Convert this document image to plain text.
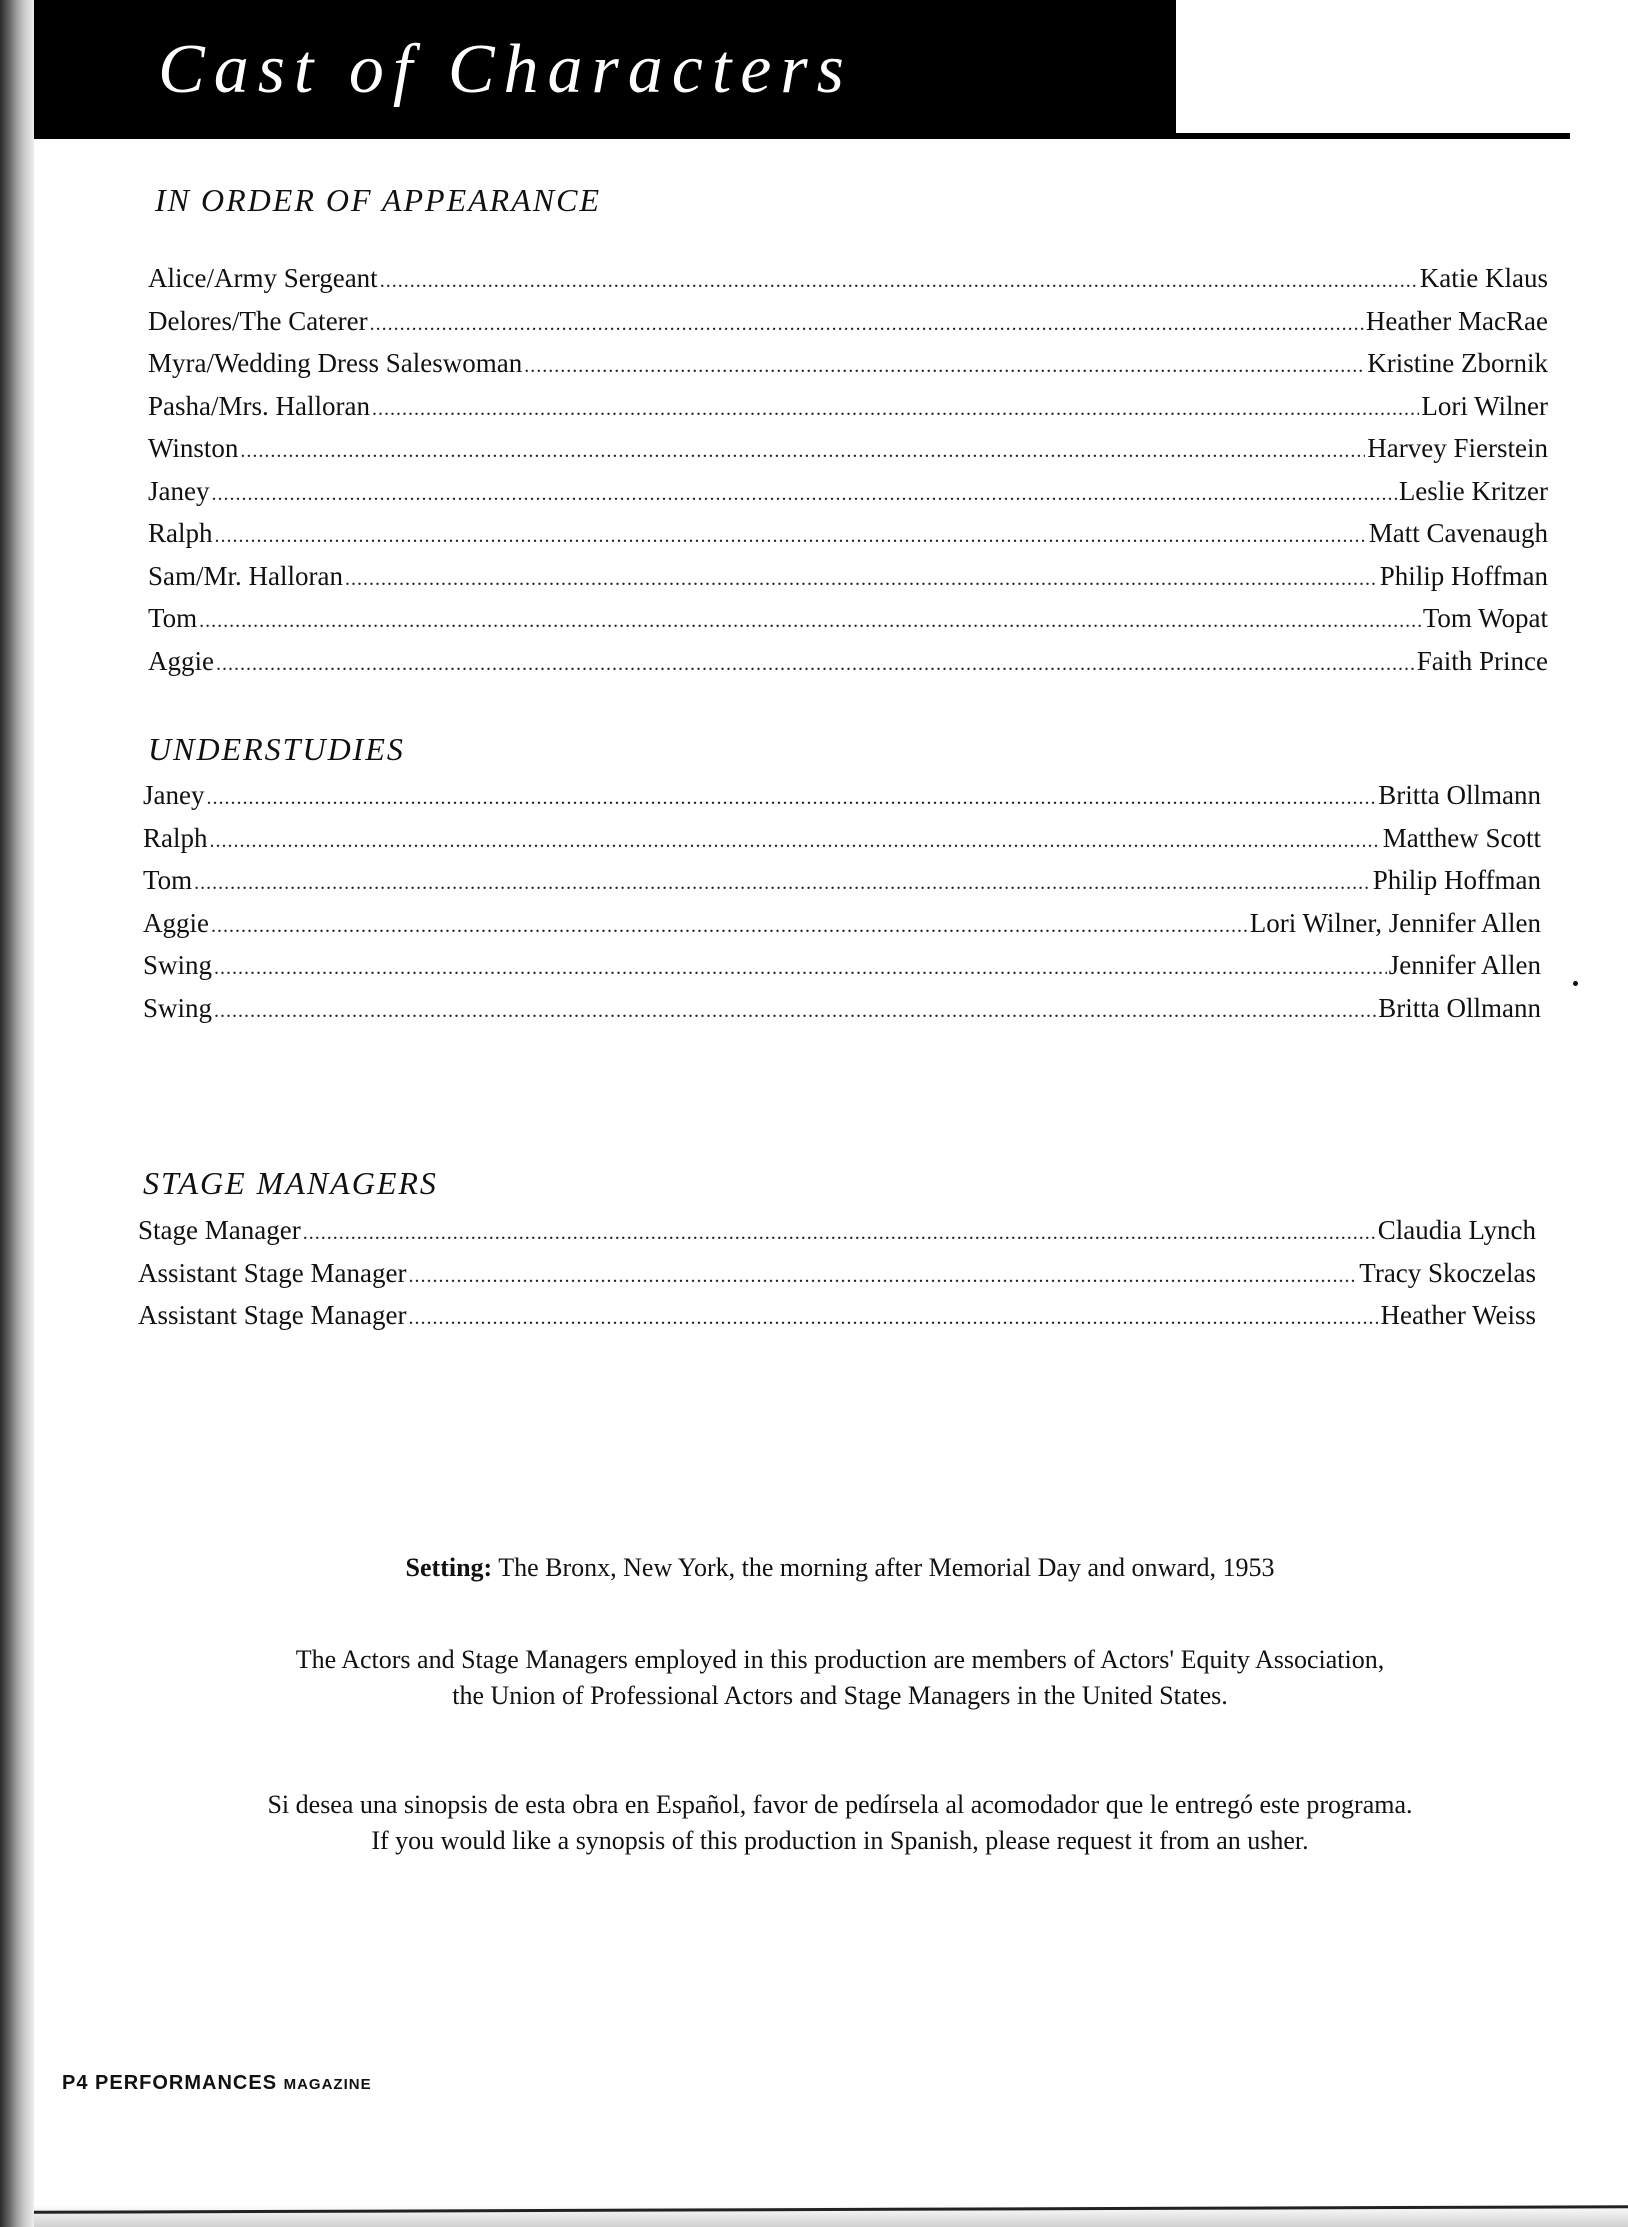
Cast of Characters
IN ORDER OF APPEARANCE
Alice/Army Sergeant .....	Katie Klaus
Delores/The Caterer .....	Heather MacRae
Myra/Wedding Dress Saleswoman .....	Kristine Zbornik
Pasha/Mrs. Halloran .....	Lori Wilner
Winston .....	Harvey Fierstein
Janey .....	Leslie Kritzer
Ralph .....	Matt Cavenaugh
Sam/Mr. Halloran .....	Philip Hoffman
Tom .....	Tom Wopat
Aggie .....	Faith Prince
UNDERSTUDIES
Janey .....	Britta Ollmann
Ralph .....	Matthew Scott
Tom .....	Philip Hoffman
Aggie .....	Lori Wilner, Jennifer Allen
Swing .....	Jennifer Allen
Swing .....	Britta Ollmann
STAGE MANAGERS
Stage Manager .....	Claudia Lynch
Assistant Stage Manager .....	Tracy Skoczelas
Assistant Stage Manager .....	Heather Weiss
Setting: The Bronx, New York, the morning after Memorial Day and onward, 1953
The Actors and Stage Managers employed in this production are members of Actors' Equity Association,
the Union of Professional Actors and Stage Managers in the United States.
Si desea una sinopsis de esta obra en Español, favor de pedírsela al acomodador que le entregó este programa.
If you would like a synopsis of this production in Spanish, please request it from an usher.
P4 PERFORMANCES MAGAZINE
